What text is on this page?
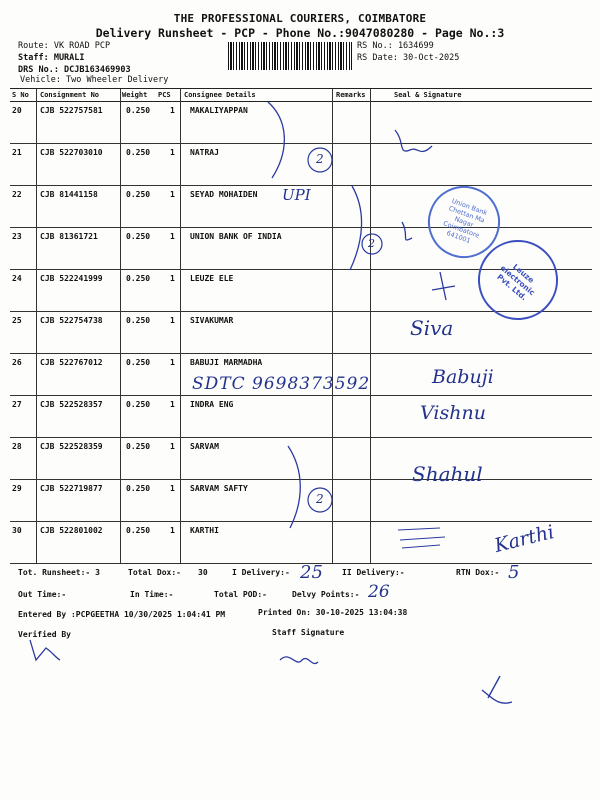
THE PROFESSIONAL COURIERS, COIMBATORE
Delivery Runsheet - PCP - Phone No.:9047080280 - Page No.:3
Route: VK ROAD PCP
Staff: MURALI
DRS No.: DCJB163469903
Vehicle: Two Wheeler Delivery
RS No.: 1634699
RS Date: 30-Oct-2025
S No Consignment No	Weight PCS Consignee Details	Remarks	Seal & Signature
20 CJB 522757581	0.250 1 MAKALIYAPPAN
21 CJB 522703010	0.250 1 NATRAJ
22 CJB 81441158	0.250 1 SEYAD MOHAIDEN
23 CJB 81361721	0.250 1 UNION BANK OF INDIA
24 CJB 522241999	0.250 1 LEUZE ELE
25 CJB 522754738	0.250 1 SIVAKUMAR
26 CJB 522767012	0.250 1 BABUJI MARMADHA
27 CJB 522528357	0.250 1 INDRA ENG
28 CJB 522528359	0.250 1 SARVAM
29 CJB 522719877	0.250 1 SARVAM SAFTY
30 CJB 522801002	0.250 1 KARTHI
UPI
2
2
2
SDTC 9698373592
Siva
Babuji
Vishnu
Shahul
Karthi
Union Bank Chettan Ma Nagar Coimbatore 641001
Leuze electronic Pvt. Ltd.
Tot. Runsheet:- 3	Total Dox:- 30	I Delivery:- 25 II Delivery:-	RTN Dox:- 5
Out Time:-	In Time:-	Total POD:-	Delvy Points:- 26
Entered By :PCPGEETHA 10/30/2025 1:04:41 PM	Printed On: 30-10-2025 13:04:38
Verified By	Staff Signature
